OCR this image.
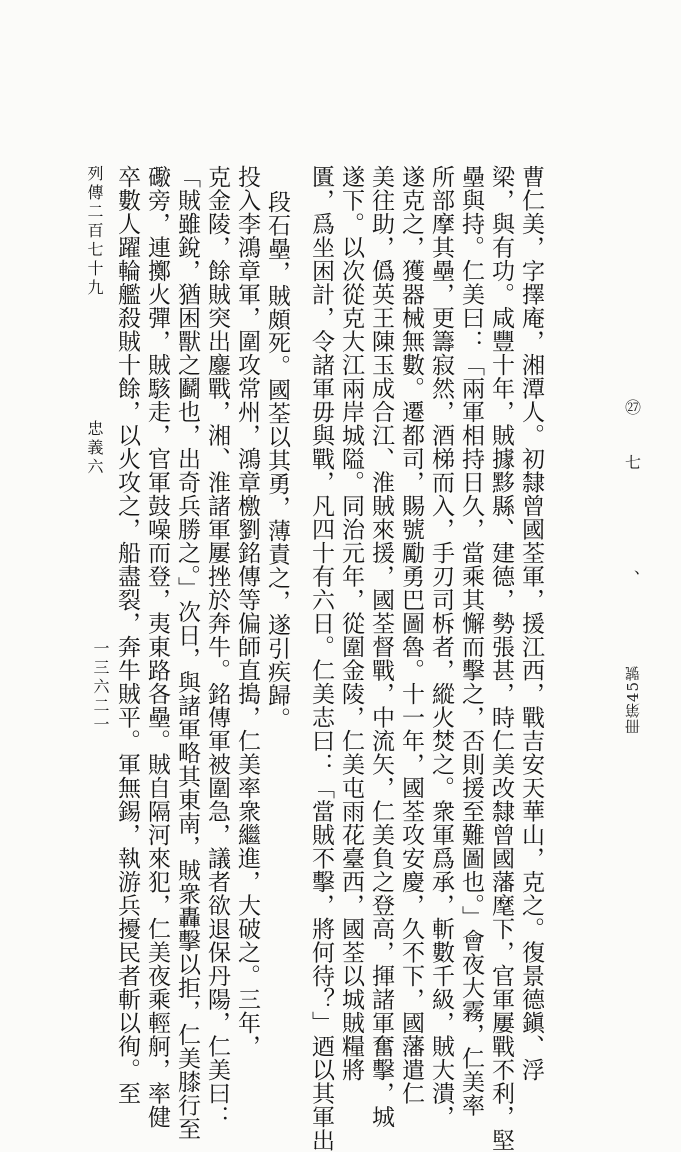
㉗
七
、
冊第45號
曹仁美，字擇庵，湘潭人。初隸曾國荃軍，援江西，戰吉安天華山，克之。復景德鎭、浮
梁，與有功。咸豐十年，賊據黟縣、建德，勢張甚，時仁美改隸曾國藩麾下，官軍屢戰不利，堅
壘與持。仁美曰：「兩軍相持日久，當乘其懈而擊之，否則援至難圖也。」會夜大霧，仁美率
所部摩其壘，更籌寂然，酒梯而入，手刃司柝者，縱火焚之。衆軍爲承，斬數千級，賊大潰，
遂克之，獲器械無數。遷都司，賜號勵勇巴圖魯。十一年，國荃攻安慶，久不下，國藩遣仁
美往助，僞英王陳玉成合江、淮賊來援，國荃督戰，中流矢，仁美負之登高，揮諸軍奮擊，城
遂下。以次從克大江兩岸城隘。同治元年，從圍金陵，仁美屯雨花臺西，國荃以城賊糧將
匱，爲坐困計，令諸軍毋與戰，凡四十有六日。仁美志曰：「當賊不擊，將何待？」迺以其軍出
段石壘，賊頗死。國荃以其勇，薄責之，遂引疾歸。
投入李鴻章軍，圍攻常州，鴻章檄劉銘傳等偏師直搗，仁美率衆繼進，大破之。三年，
克金陵，餘賊突出鏖戰，湘、淮諸軍屢挫於奔牛。銘傳軍被圍急，議者欲退保丹陽，仁美曰：
「賊雖銳，猶困獸之鬬也，出奇兵勝之。」次日，與諸軍略其東南，賊衆轟擊以拒，仁美膝行至
礮旁，連擲火彈，賊駭走，官軍鼓噪而登，夷東路各壘。賊自隔河來犯，仁美夜乘輕舸，率健
卒數人躍輪艦殺賊十餘，以火攻之，船盡裂，奔牛賊平。軍無錫，執游兵擾民者斬以徇。至
列傳二百七十九
忠義六
一三六二一
